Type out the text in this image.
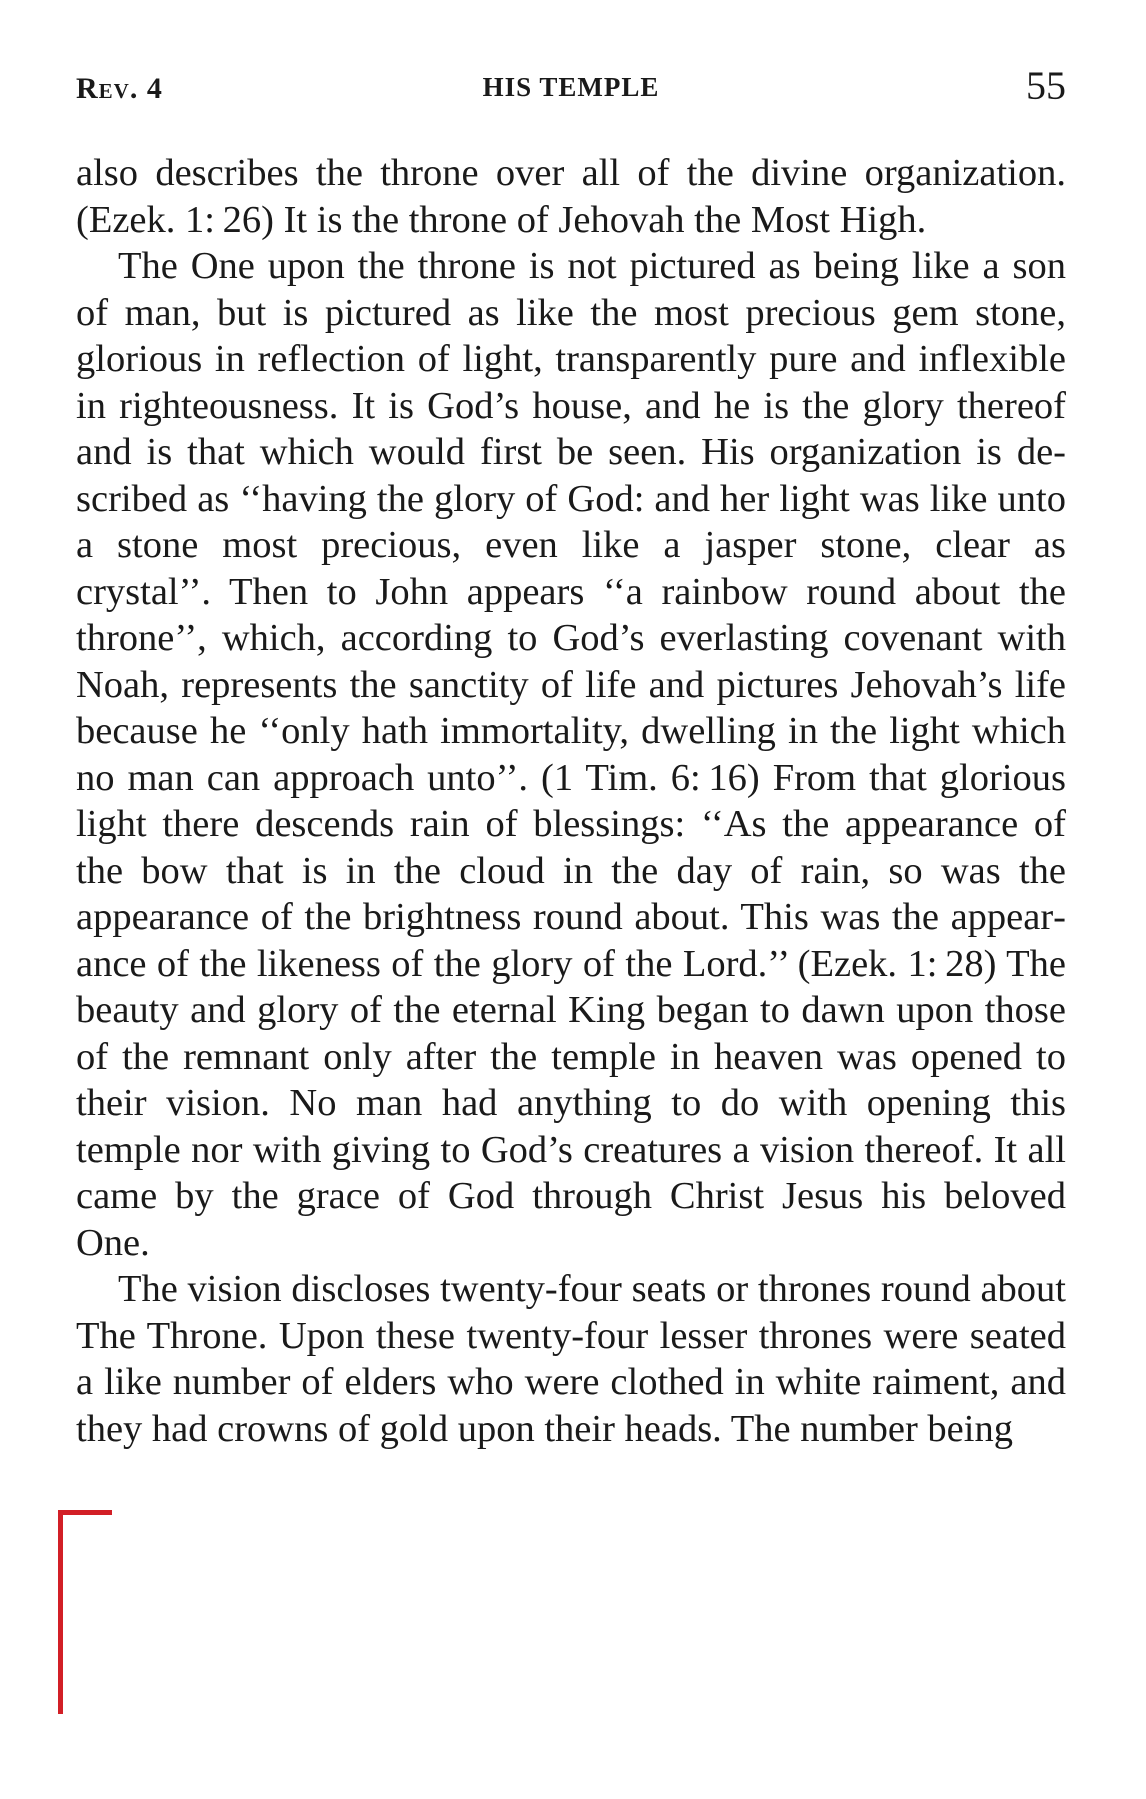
Rev. 4	HIS TEMPLE	55

also describes the throne over all of the divine organization. (Ezek. 1: 26) It is the throne of Jehovah the Most High.

The One upon the throne is not pictured as being like a son of man, but is pictured as like the most precious gem stone, glorious in reflection of light, transparently pure and inflexible in righteousness. It is God’s house, and he is the glory thereof and is that which would first be seen. His organization is described as ‘‘having the glory of God: and her light was like unto a stone most precious, even like a jasper stone, clear as crystal’’. Then to John appears ‘‘a rainbow round about the throne’’, which, according to God’s everlasting covenant with Noah, represents the sanctity of life and pictures Jehovah’s life because he ‘‘only hath immortality, dwelling in the light which no man can approach unto’’. (1 Tim. 6: 16) From that glorious light there descends rain of blessings: ‘‘As the appearance of the bow that is in the cloud in the day of rain, so was the appearance of the brightness round about. This was the appearance of the likeness of the glory of the Lord.’’ (Ezek. 1: 28) The beauty and glory of the eternal King began to dawn upon those of the remnant only after the temple in heaven was opened to their vision. No man had anything to do with opening this temple nor with giving to God’s creatures a vision thereof. It all came by the grace of God through Christ Jesus his beloved One.

The vision discloses twenty-four seats or thrones round about The Throne. Upon these twenty-four lesser thrones were seated a like number of elders who were clothed in white raiment, and they had crowns of gold upon their heads. The number being
